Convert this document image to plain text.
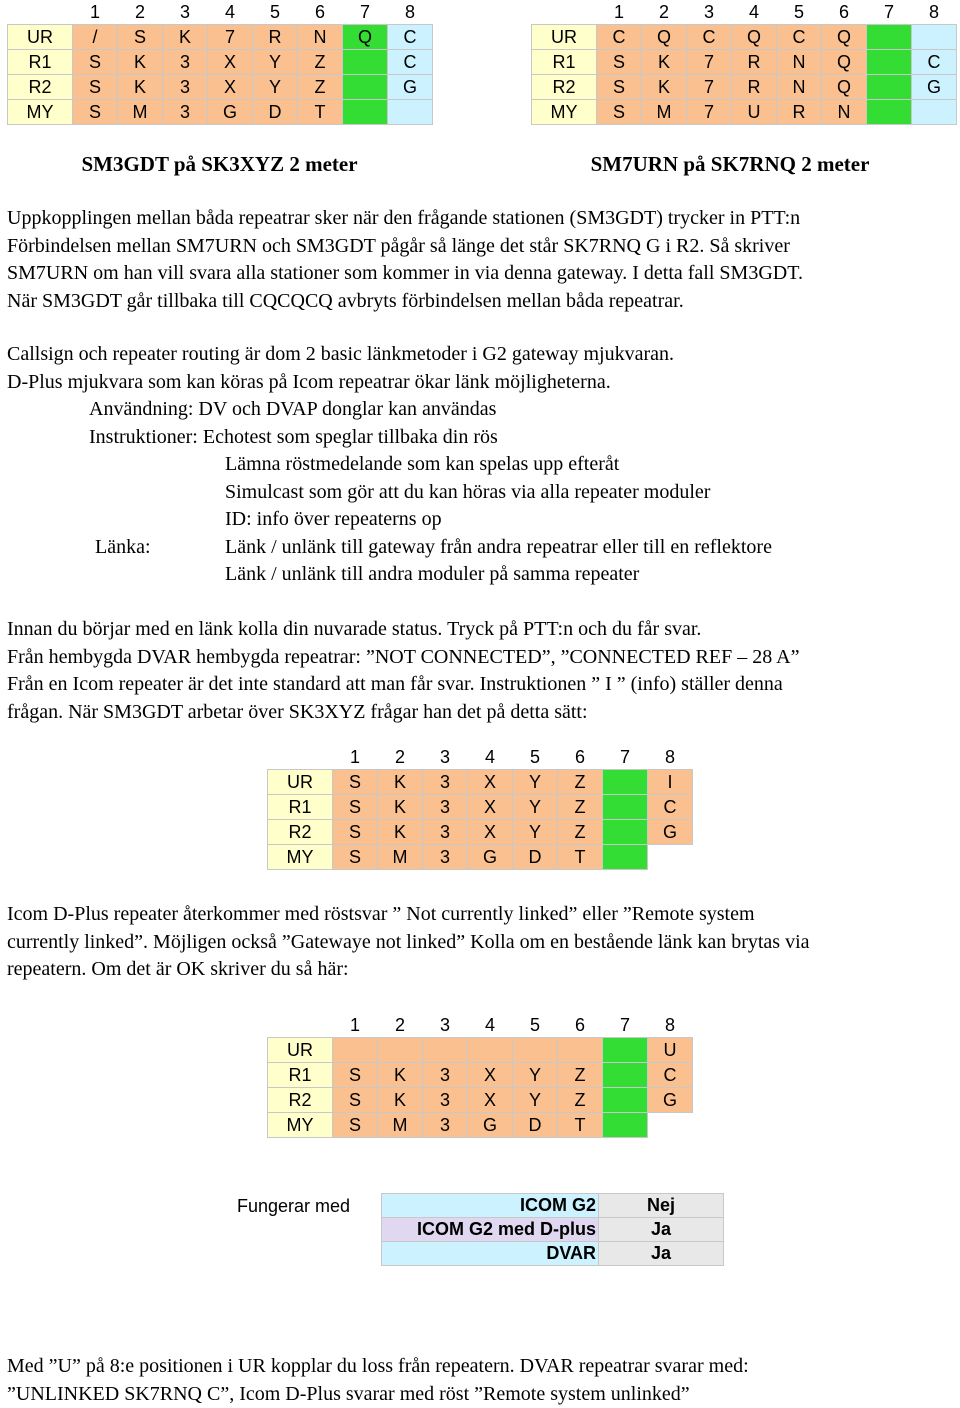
	1	2	3	4	5	6	7	8
UR	/	S	K	7	R	N	Q	C
R1	S	K	3	X	Y	Z		C
R2	S	K	3	X	Y	Z		G
MY	S	M	3	G	D	T		
	1	2	3	4	5	6	7	8
UR	C	Q	C	Q	C	Q		
R1	S	K	7	R	N	Q		C
R2	S	K	7	R	N	Q		G
MY	S	M	7	U	R	N		
SM3GDT på SK3XYZ 2 meter	SM7URN på SK7RNQ 2 meter
Uppkopplingen mellan båda repeatrar sker när den frågande stationen (SM3GDT) trycker in PTT:n
Förbindelsen mellan SM7URN och SM3GDT pågår så länge det står SK7RNQ G i R2. Så skriver
SM7URN om han vill svara alla stationer som kommer in via denna gateway. I detta fall SM3GDT.
När SM3GDT går tillbaka till CQCQCQ avbryts förbindelsen mellan båda repeatrar.
Callsign och repeater routing är dom 2 basic länkmetoder i G2 gateway mjukvaran.
D-Plus mjukvara som kan köras på Icom repeatrar ökar länk möjligheterna.
Användning: DV och DVAP donglar kan användas
Instruktioner: Echotest som speglar tillbaka din rös
Lämna röstmedelande som kan spelas upp efteråt
Simulcast som gör att du kan höras via alla repeater moduler
ID: info över repeaterns op
Länka:	Länk / unlänk till gateway från andra repeatrar eller till en reflektore
Länk / unlänk till andra moduler på samma repeater
Innan du börjar med en länk kolla din nuvarade status. Tryck på PTT:n och du får svar.
Från hembygda DVAR hembygda repeatrar: ”NOT CONNECTED”, ”CONNECTED REF – 28 A”
Från en Icom repeater är det inte standard att man får svar. Instruktionen ” I ” (info) ställer denna
frågan. När SM3GDT arbetar över SK3XYZ frågar han det på detta sätt:
	1	2	3	4	5	6	7	8
UR	S	K	3	X	Y	Z		I
R1	S	K	3	X	Y	Z		C
R2	S	K	3	X	Y	Z		G
MY	S	M	3	G	D	T		
Icom D-Plus repeater återkommer med röstsvar ” Not currently linked” eller ”Remote system
currently linked”. Möjligen också ”Gatewaye not linked” Kolla om en bestående länk kan brytas via
repeatern. Om det är OK skriver du så här:
	1	2	3	4	5	6	7	8
UR								U
R1	S	K	3	X	Y	Z		C
R2	S	K	3	X	Y	Z		G
MY	S	M	3	G	D	T		
Fungerar med	ICOM G2	Nej
ICOM G2 med D-plus	Ja
DVAR	Ja
Med ”U” på 8:e positionen i UR kopplar du loss från repeatern. DVAR repeatrar svarar med:
”UNLINKED SK7RNQ C”, Icom D-Plus svarar med röst ”Remote system unlinked”
